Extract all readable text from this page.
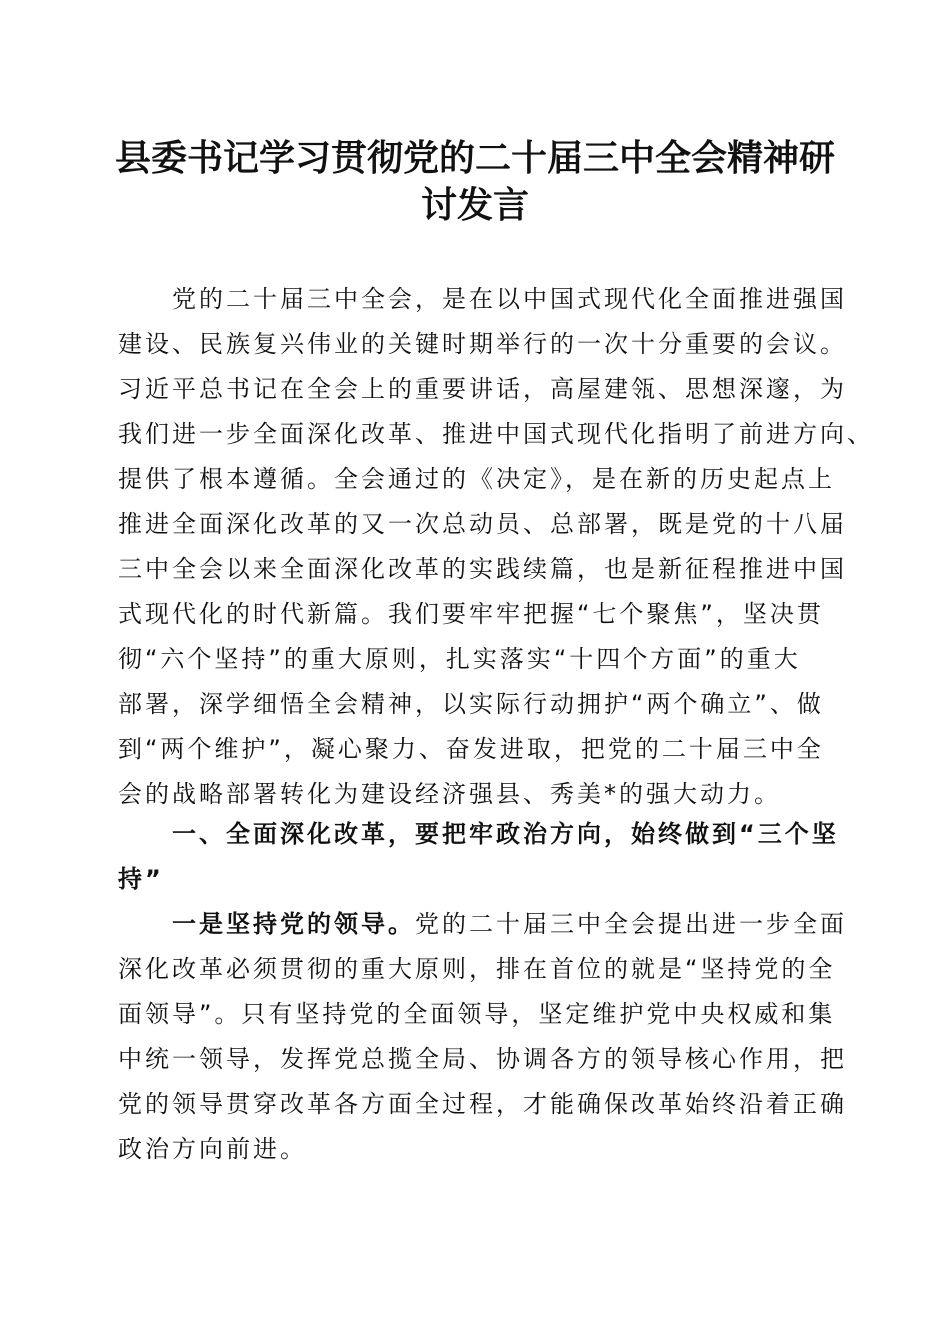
县委书记学习贯彻党的二十届三中全会精神研
讨发言
党的二十届三中全会，是在以中国式现代化全面推进强国
建设、民族复兴伟业的关键时期举行的一次十分重要的会议。
习近平总书记在全会上的重要讲话，高屋建瓴、思想深邃，为
我们进一步全面深化改革、推进中国式现代化指明了前进方向、
提供了根本遵循。全会通过的《决定》，是在新的历史起点上
推进全面深化改革的又一次总动员、总部署，既是党的十八届
三中全会以来全面深化改革的实践续篇，也是新征程推进中国
式现代化的时代新篇。我们要牢牢把握“七个聚焦”，坚决贯
彻“六个坚持”的重大原则，扎实落实“十四个方面”的重大
部署，深学细悟全会精神，以实际行动拥护“两个确立”、做
到“两个维护”，凝心聚力、奋发进取，把党的二十届三中全
会的战略部署转化为建设经济强县、秀美*的强大动力。
一、全面深化改革，要把牢政治方向，始终做到“三个坚
持”
一是坚持党的领导。党的二十届三中全会提出进一步全面
深化改革必须贯彻的重大原则，排在首位的就是“坚持党的全
面领导”。只有坚持党的全面领导，坚定维护党中央权威和集
中统一领导，发挥党总揽全局、协调各方的领导核心作用，把
党的领导贯穿改革各方面全过程，才能确保改革始终沿着正确
政治方向前进。
